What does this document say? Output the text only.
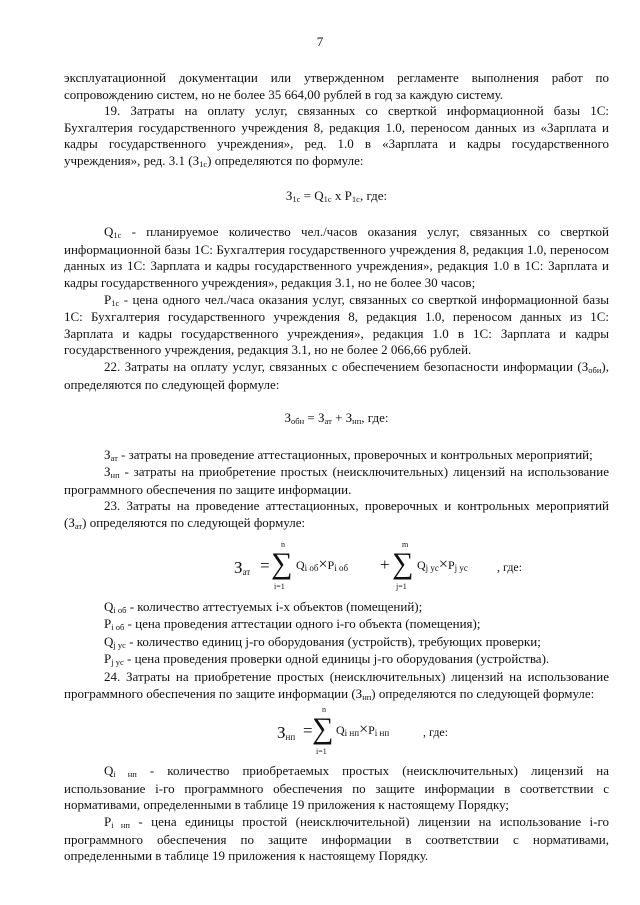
7

эксплуатационной документации или утвержденном регламенте выполнения работ по сопровождению систем, но не более 35 664,00 рублей в год за каждую систему.

19. Затраты на оплату услуг, связанных со сверткой информационной базы 1С: Бухгалтерия государственного учреждения 8, редакция 1.0, переносом данных из «Зарплата и кадры государственного учреждения», ред. 1.0 в «Зарплата и кадры государственного учреждения», ред. 3.1 $(З_{1с})$ определяются по формуле:

$З_{1с} = Q_{1с}$ х $P_{1с}$, где:

$Q_{1с}$ - планируемое количество чел./часов оказания услуг, связанных со сверткой информационной базы 1С: Бухгалтерия государственного учреждения 8, редакция 1.0, переносом данных из 1С: Зарплата и кадры государственного учреждения», редакция 1.0 в 1С: Зарплата и кадры государственного учреждения», редакция 3.1, но не более 30 часов;

$P_{1с}$ - цена одного чел./часа оказания услуг, связанных со сверткой информационной базы 1С: Бухгалтерия государственного учреждения 8, редакция 1.0, переносом данных из 1С: Зарплата и кадры государственного учреждения», редакция 1.0 в 1С: Зарплата и кадры государственного учреждения, редакция 3.1, но не более 2 066,66 рублей.

22. Затраты на оплату услуг, связанных с обеспечением безопасности информации $(З_{оби})$, определяются по следующей формуле:

$З_{обн} = З_{ат} + З_{нп}$, где:

$З_{ат}$ - затраты на проведение аттестационных, проверочных и контрольных мероприятий;

$З_{нп}$ - затраты на приобретение простых (неисключительных) лицензий на использование программного обеспечения по защите информации.

23. Затраты на проведение аттестационных, проверочных и контрольных мероприятий $(З_{ат})$ определяются по следующей формуле:

$З_{ат}$ =
n
∑
i=1
$Q_{i об}\times P_{i об}$ +
m
∑
j=1
$Q_{j ус}\times P_{j ус}$ , где:

$Q_{i об}$ - количество аттестуемых i-х объектов (помещений);

$P_{i об}$ - цена проведения аттестации одного i-го объекта (помещения);

$Q_{j ус}$ - количество единиц j-го оборудования (устройств), требующих проверки;

$P_{j ус}$ - цена проведения проверки одной единицы j-го оборудования (устройства).

24. Затраты на приобретение простых (неисключительных) лицензий на использование программного обеспечения по защите информации $(З_{нп})$ определяются по следующей формуле:

$З_{нп}$ =
n
∑
i=1
$Q_{i нп}\times P_{i нп}$	, где:

$Q_{i нп}$ - количество приобретаемых простых (неисключительных) лицензий на использование i-го программного обеспечения по защите информации в соответствии с нормативами, определенными в таблице 19 приложения к настоящему Порядку;

$P_{i нп}$ - цена единицы простой (неисключительной) лицензии на использование i-го программного обеспечения по защите информации в соответствии с нормативами, определенными в таблице 19 приложения к настоящему Порядку.
